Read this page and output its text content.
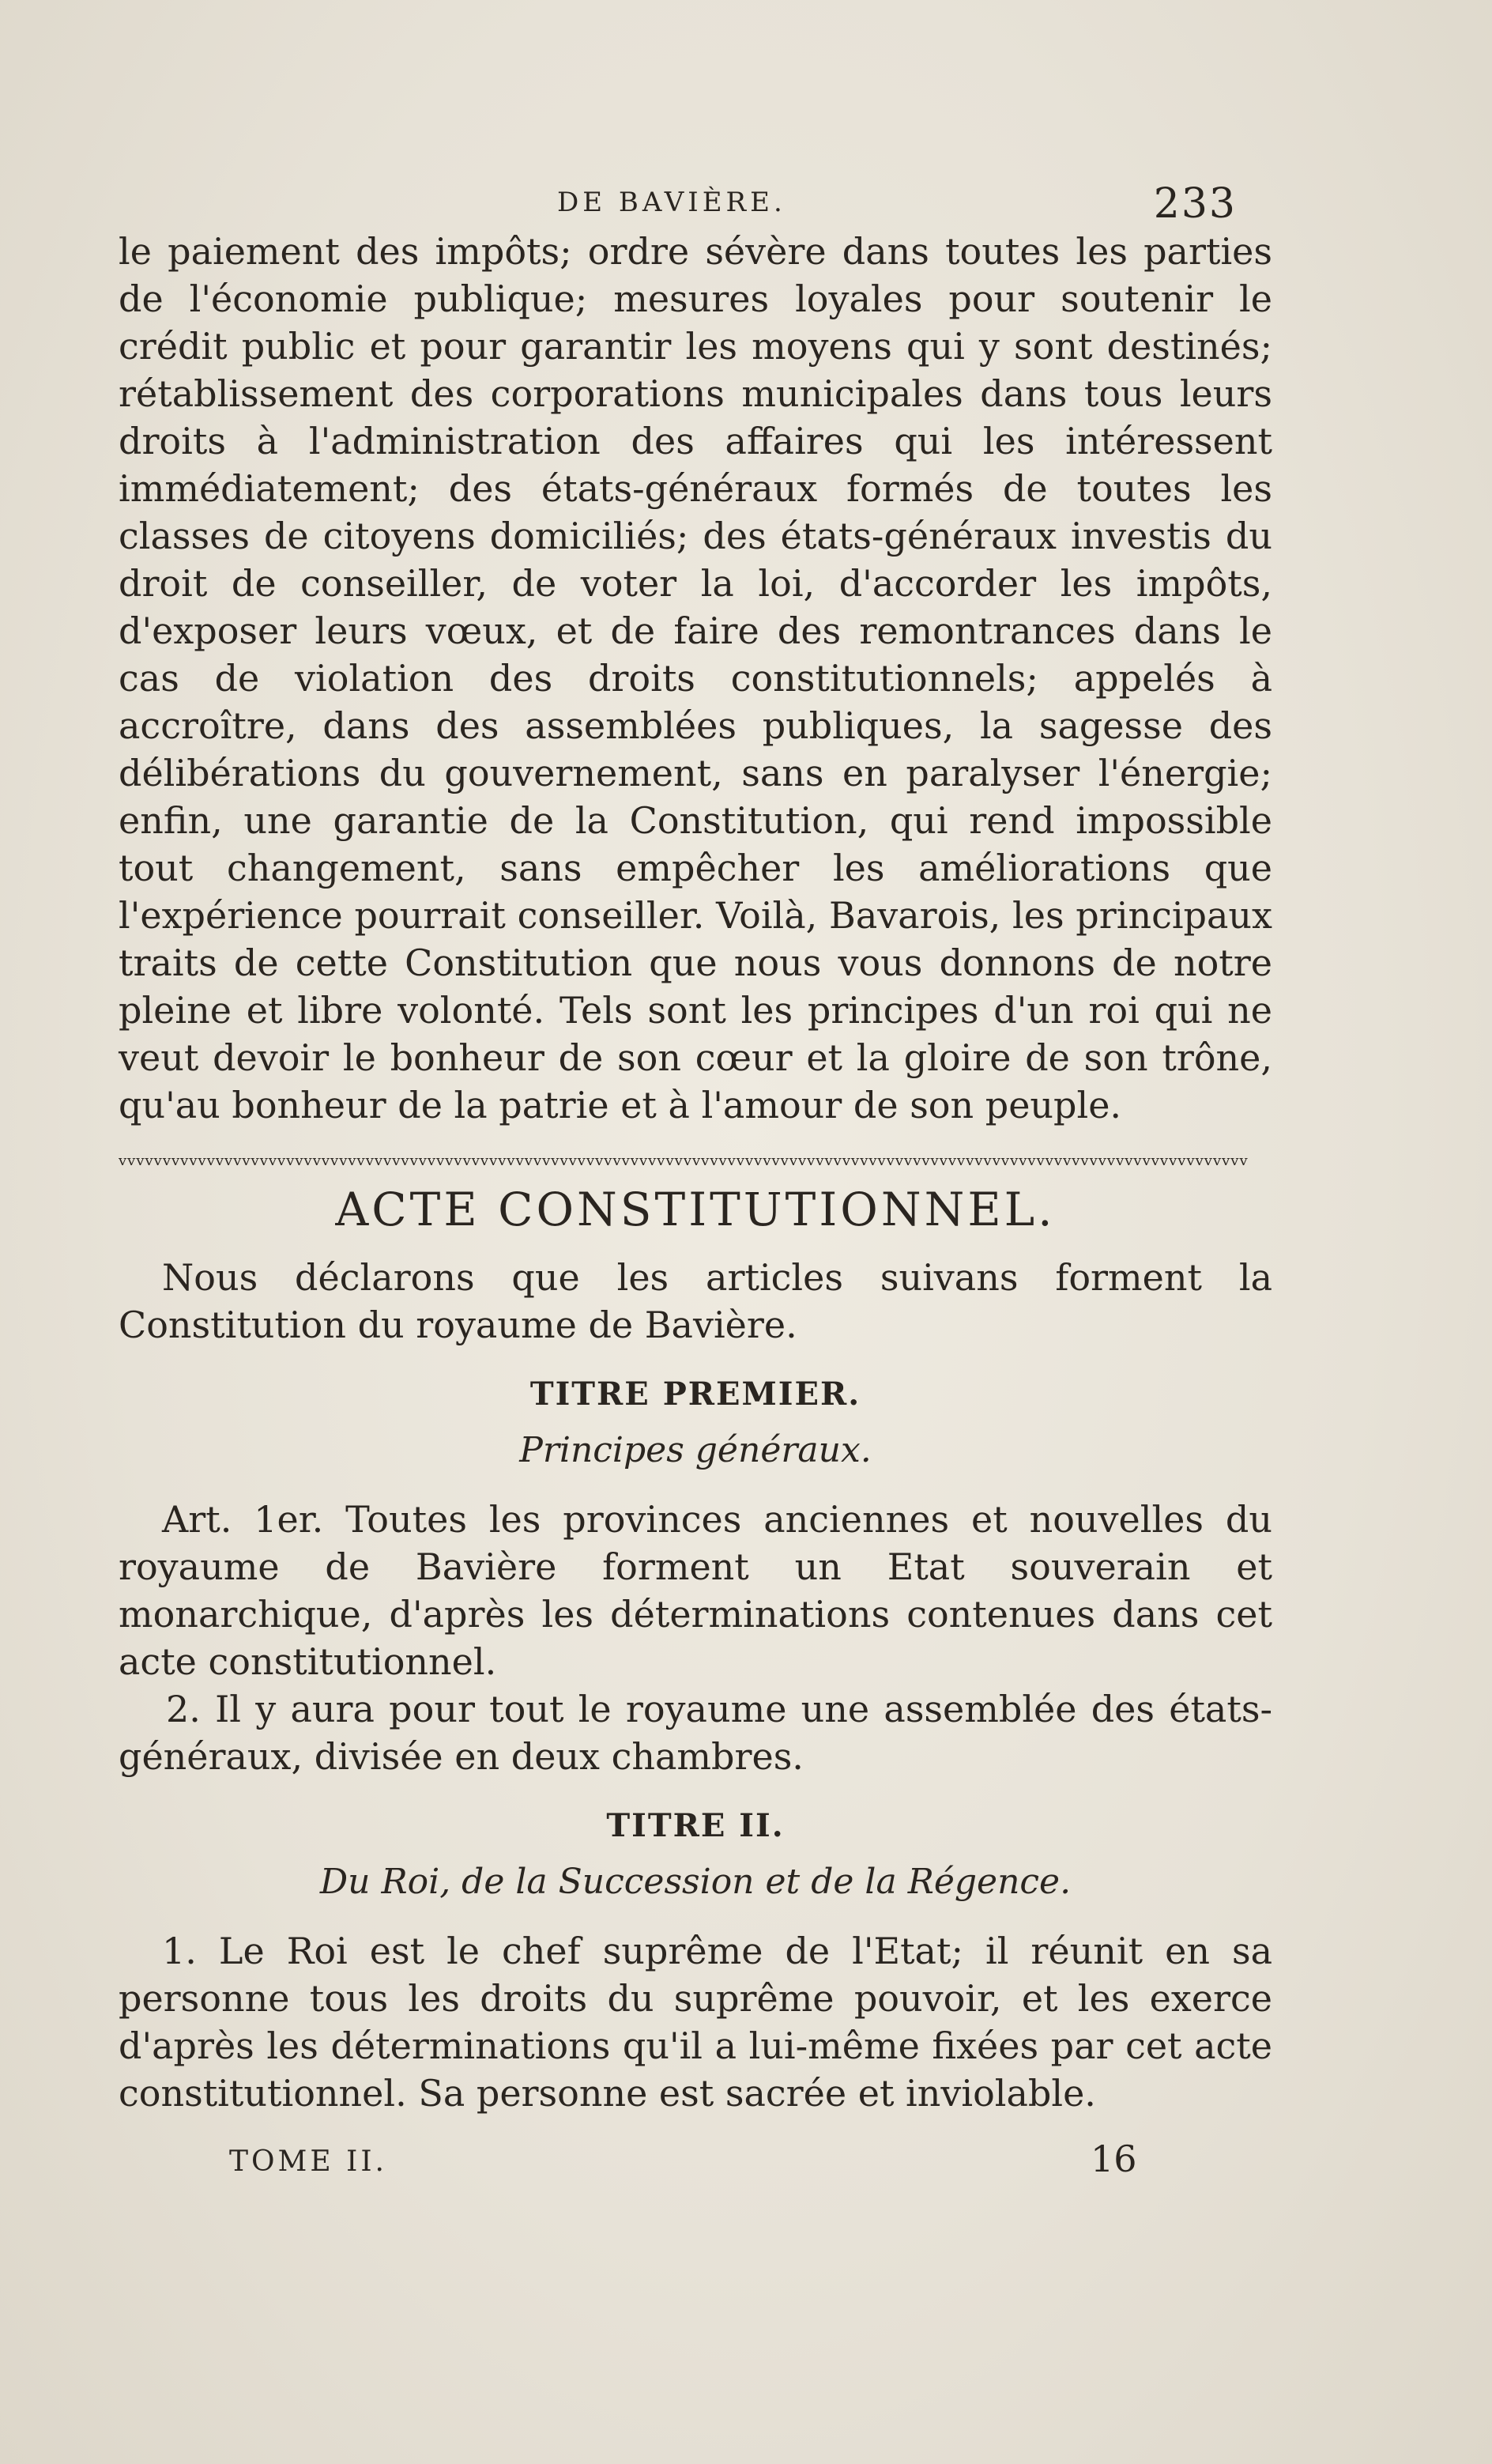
DE BAVIÈRE.	233

le paiement des impôts; ordre sévère dans toutes les parties de l'économie publique; mesures loyales pour soutenir le crédit public et pour garantir les moyens qui y sont destinés; rétablissement des corporations municipales dans tous leurs droits à l'administration des affaires qui les intéressent immédiatement; des états-généraux formés de toutes les classes de citoyens domiciliés; des états-généraux investis du droit de conseiller, de voter la loi, d'accorder les impôts, d'exposer leurs vœux, et de faire des remontrances dans le cas de violation des droits constitutionnels; appelés à accroître, dans des assemblées publiques, la sagesse des délibérations du gouvernement, sans en paralyser l'énergie; enfin, une garantie de la Constitution, qui rend impossible tout changement, sans empêcher les améliorations que l'expérience pourrait conseiller. Voilà, Bavarois, les principaux traits de cette Constitution que nous vous donnons de notre pleine et libre volonté. Tels sont les principes d'un roi qui ne veut devoir le bonheur de son cœur et la gloire de son trône, qu'au bonheur de la patrie et à l'amour de son peuple.

vvvvvvvvvvvvvvvvvvvvvvvvvvvvvvvvvvvvvvvvvvvvvvvvvvvvvvvvvvvvvvvvvvvvvvvvvvvvvvvvvvvvvvvvvvvvvvvvvvvvvvvvvvvvvvvvvvvvvvvvvvvvvvvv
ACTE CONSTITUTIONNEL.

Nous déclarons que les articles suivans forment la Constitution du royaume de Bavière.

TITRE PREMIER.
Principes généraux.

Art. 1er. Toutes les provinces anciennes et nouvelles du royaume de Bavière forment un Etat souverain et monarchique, d'après les déterminations contenues dans cet acte constitutionnel.

2. Il y aura pour tout le royaume une assemblée des états-généraux, divisée en deux chambres.

TITRE II.
Du Roi, de la Succession et de la Régence.

1. Le Roi est le chef suprême de l'Etat; il réunit en sa personne tous les droits du suprême pouvoir, et les exerce d'après les déterminations qu'il a lui-même fixées par cet acte constitutionnel. Sa personne est sacrée et inviolable.

TOME II.	16
